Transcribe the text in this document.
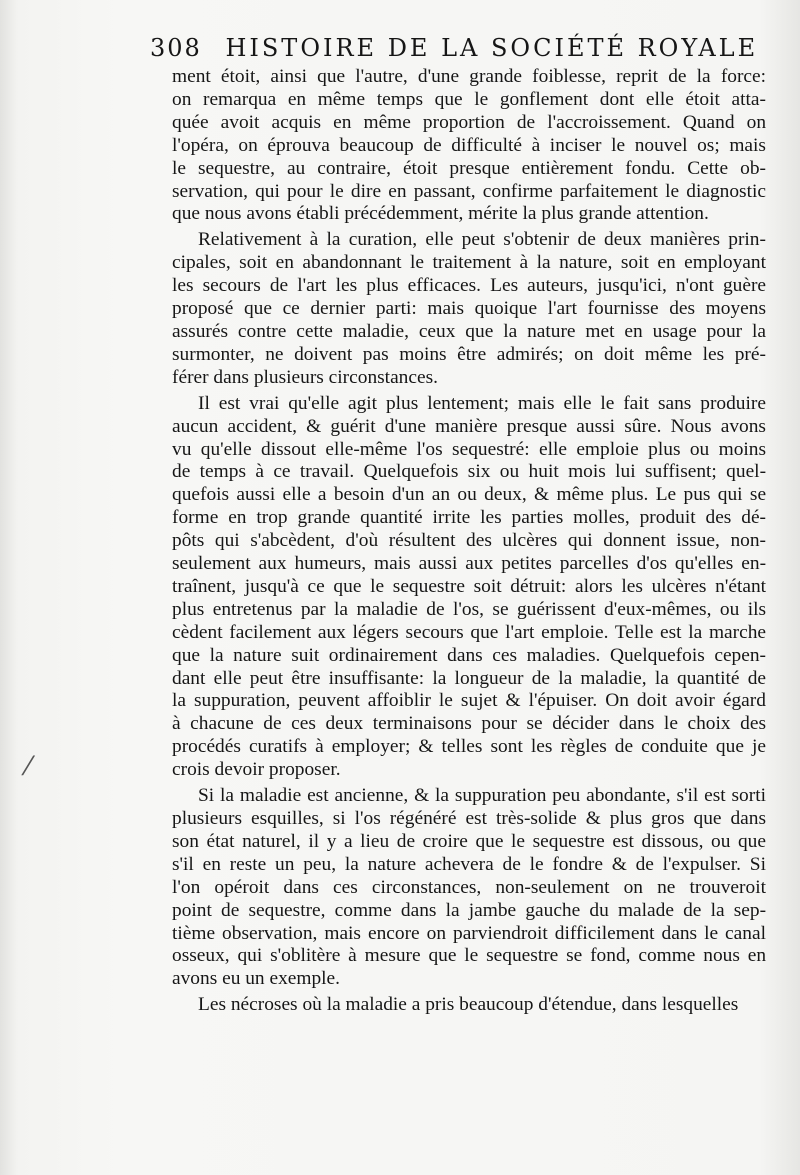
308 HISTOIRE DE LA SOCIÉTÉ ROYALE
ment étoit, ainsi que l'autre, d'une grande foiblesse, reprit de la force:
on remarqua en même temps que le gonflement dont elle étoit atta-
quée avoit acquis en même proportion de l'accroissement. Quand on
l'opéra, on éprouva beaucoup de difficulté à inciser le nouvel os; mais
le sequestre, au contraire, étoit presque entièrement fondu. Cette ob-
servation, qui pour le dire en passant, confirme parfaitement le diagnostic
que nous avons établi précédemment, mérite la plus grande attention.
Relativement à la curation, elle peut s'obtenir de deux manières prin-
cipales, soit en abandonnant le traitement à la nature, soit en employant
les secours de l'art les plus efficaces. Les auteurs, jusqu'ici, n'ont guère
proposé que ce dernier parti: mais quoique l'art fournisse des moyens
assurés contre cette maladie, ceux que la nature met en usage pour la
surmonter, ne doivent pas moins être admirés; on doit même les pré-
férer dans plusieurs circonstances.
Il est vrai qu'elle agit plus lentement; mais elle le fait sans produire
aucun accident, & guérit d'une manière presque aussi sûre. Nous avons
vu qu'elle dissout elle-même l'os sequestré: elle emploie plus ou moins
de temps à ce travail. Quelquefois six ou huit mois lui suffisent; quel-
quefois aussi elle a besoin d'un an ou deux, & même plus. Le pus qui se
forme en trop grande quantité irrite les parties molles, produit des dé-
pôts qui s'abcèdent, d'où résultent des ulcères qui donnent issue, non-
seulement aux humeurs, mais aussi aux petites parcelles d'os qu'elles en-
traînent, jusqu'à ce que le sequestre soit détruit: alors les ulcères n'étant
plus entretenus par la maladie de l'os, se guérissent d'eux-mêmes, ou ils
cèdent facilement aux légers secours que l'art emploie. Telle est la marche
que la nature suit ordinairement dans ces maladies. Quelquefois cepen-
dant elle peut être insuffisante: la longueur de la maladie, la quantité de
la suppuration, peuvent affoiblir le sujet & l'épuiser. On doit avoir égard
à chacune de ces deux terminaisons pour se décider dans le choix des
procédés curatifs à employer; & telles sont les règles de conduite que je
crois devoir proposer.
Si la maladie est ancienne, & la suppuration peu abondante, s'il est sorti
plusieurs esquilles, si l'os régénéré est très-solide & plus gros que dans
son état naturel, il y a lieu de croire que le sequestre est dissous, ou que
s'il en reste un peu, la nature achevera de le fondre & de l'expulser. Si
l'on opéroit dans ces circonstances, non-seulement on ne trouveroit
point de sequestre, comme dans la jambe gauche du malade de la sep-
tième observation, mais encore on parviendroit difficilement dans le canal
osseux, qui s'oblitère à mesure que le sequestre se fond, comme nous en
avons eu un exemple.
Les nécroses où la maladie a pris beaucoup d'étendue, dans lesquelles
⁄
